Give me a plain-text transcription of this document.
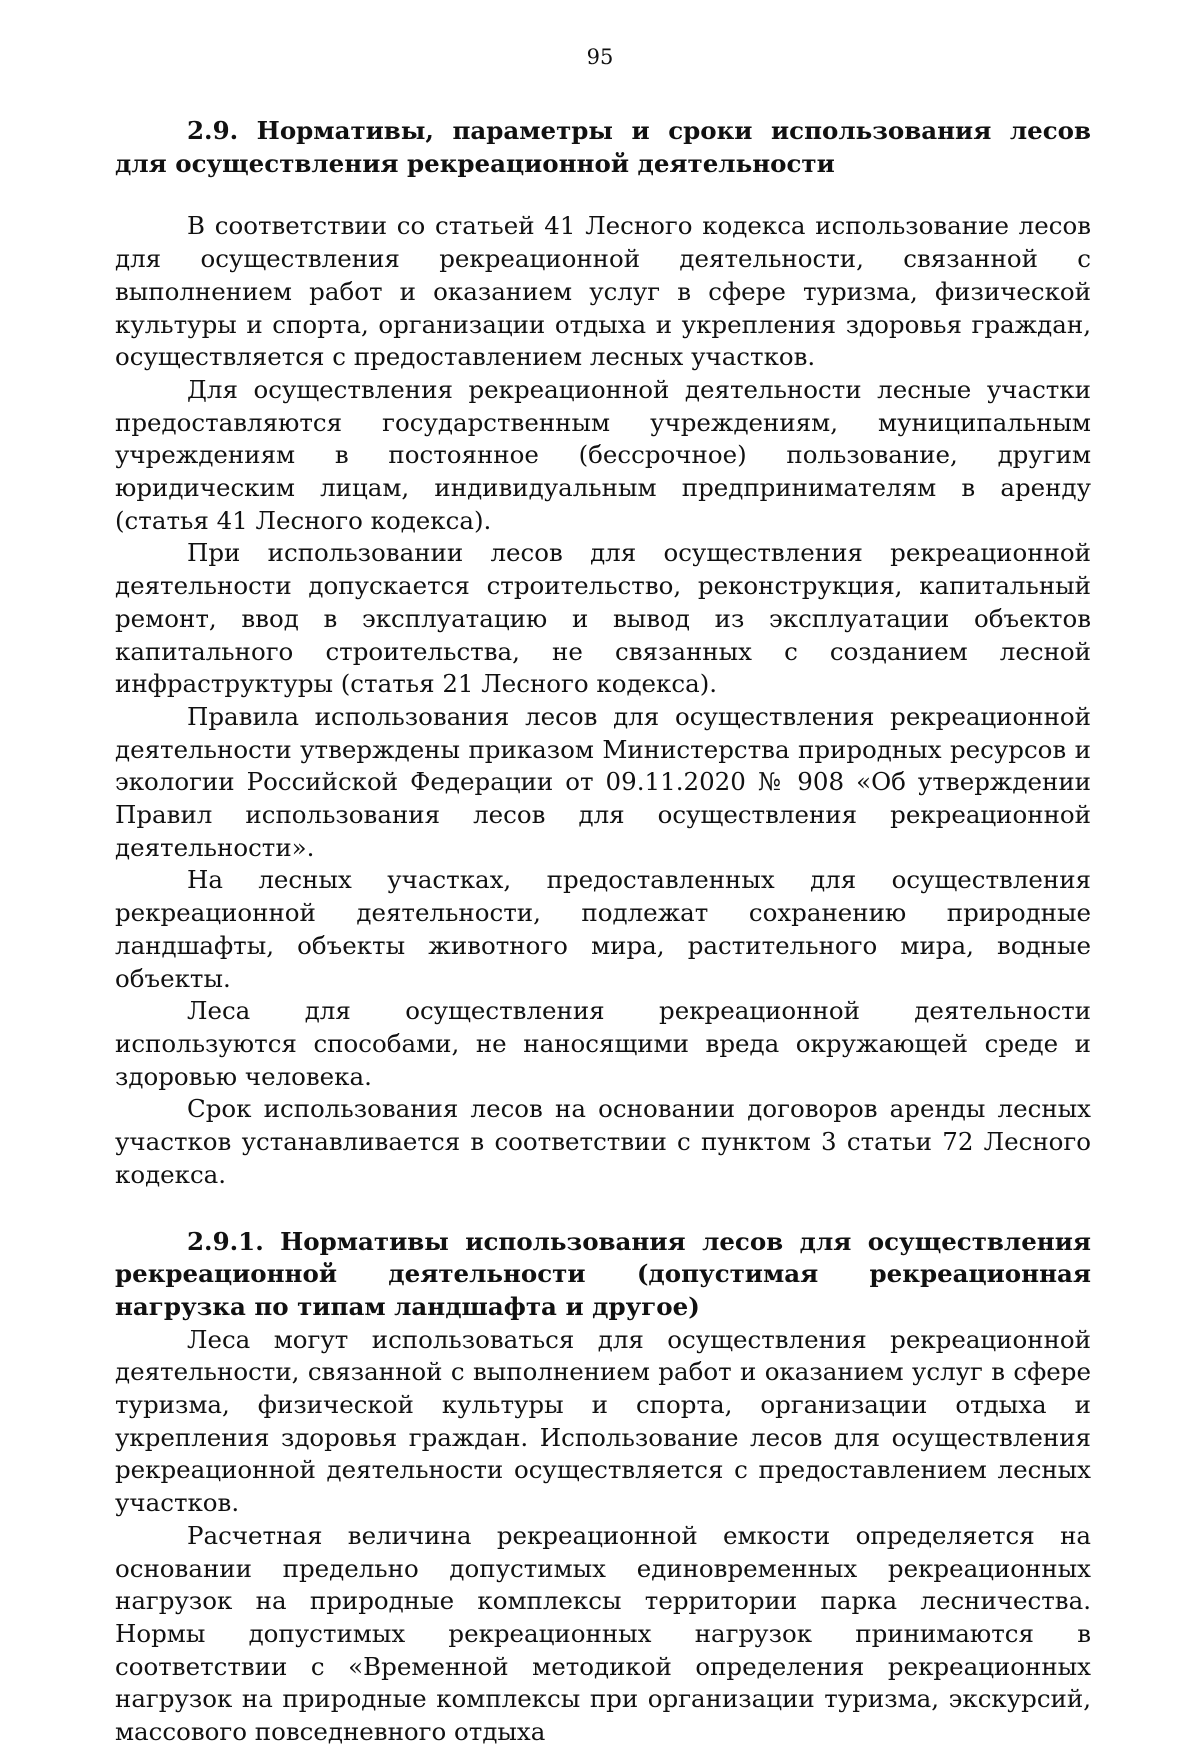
95
2.9. Нормативы, параметры и сроки использования лесов для осуществления рекреационной деятельности
В соответствии со статьей 41 Лесного кодекса использование лесов для осуществления рекреационной деятельности, связанной с выполнением работ и оказанием услуг в сфере туризма, физической культуры и спорта, организации отдыха и укрепления здоровья граждан, осуществляется с предоставлением лесных участков.
Для осуществления рекреационной деятельности лесные участки предоставляются государственным учреждениям, муниципальным учреждениям в постоянное (бессрочное) пользование, другим юридическим лицам, индивидуальным предпринимателям в аренду (статья 41 Лесного кодекса).
При использовании лесов для осуществления рекреационной деятельности допускается строительство, реконструкция, капитальный ремонт, ввод в эксплуатацию и вывод из эксплуатации объектов капитального строительства, не связанных с созданием лесной инфраструктуры (статья 21 Лесного кодекса).
Правила использования лесов для осуществления рекреационной деятельности утверждены приказом Министерства природных ресурсов и экологии Российской Федерации от 09.11.2020 № 908 «Об утверждении Правил использования лесов для осуществления рекреационной деятельности».
На лесных участках, предоставленных для осуществления рекреационной деятельности, подлежат сохранению природные ландшафты, объекты животного мира, растительного мира, водные объекты.
Леса для осуществления рекреационной деятельности используются способами, не наносящими вреда окружающей среде и здоровью человека.
Срок использования лесов на основании договоров аренды лесных участков устанавливается в соответствии с пунктом 3 статьи 72 Лесного кодекса.
2.9.1. Нормативы использования лесов для осуществления рекреационной деятельности (допустимая рекреационная нагрузка по типам ландшафта и другое)
Леса могут использоваться для осуществления рекреационной деятельности, связанной с выполнением работ и оказанием услуг в сфере туризма, физической культуры и спорта, организации отдыха и укрепления здоровья граждан. Использование лесов для осуществления рекреационной деятельности осуществляется с предоставлением лесных участков.
Расчетная величина рекреационной емкости определяется на основании предельно допустимых единовременных рекреационных нагрузок на природные комплексы территории парка лесничества. Нормы допустимых рекреационных нагрузок принимаются в соответствии с «Временной методикой определения рекреационных нагрузок на природные комплексы при организации туризма, экскурсий, массового повседневного отдыха
